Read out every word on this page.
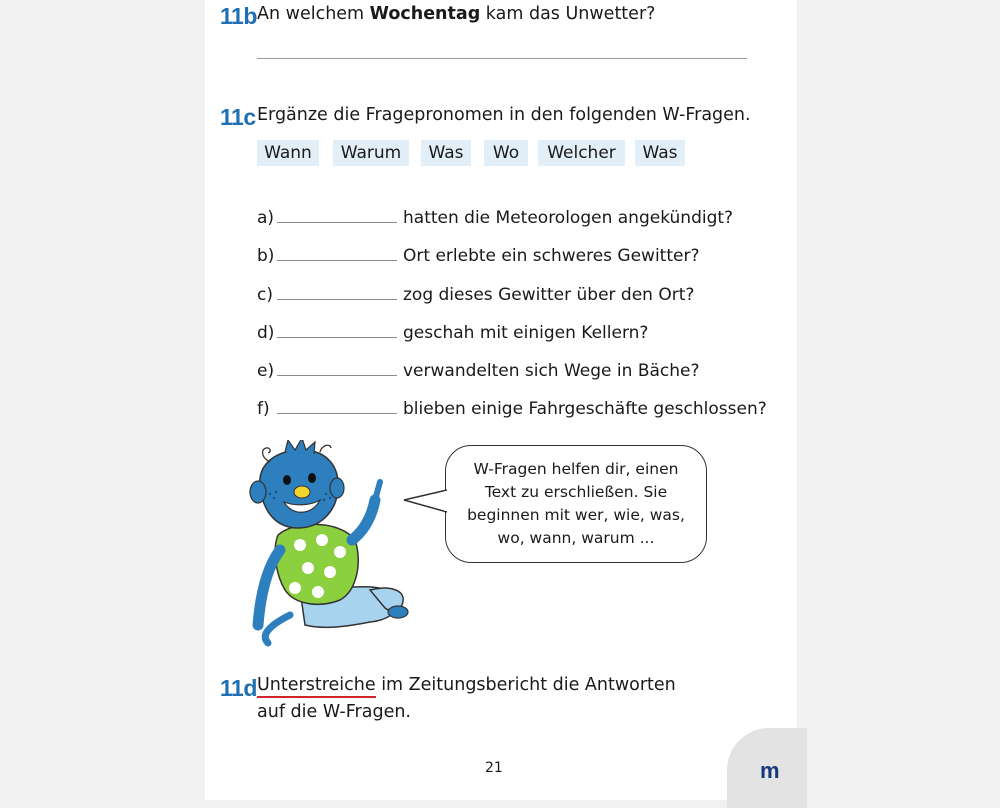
11b An welchem Wochentag kam das Unwetter?
11c Ergänze die Fragepronomen in den folgenden W-Fragen.
Wann	Warum	Was	Wo	Welcher	Was
a)	hatten die Meteorologen angekündigt?
b)	Ort erlebte ein schweres Gewitter?
c)	zog dieses Gewitter über den Ort?
d)	geschah mit einigen Kellern?
e)	verwandelten sich Wege in Bäche?
f)	blieben einige Fahrgeschäfte geschlossen?
W-Fragen helfen dir, einen
Text zu erschließen. Sie
beginnen mit wer, wie, was,
wo, wann, warum ...
11d Unterstreiche im Zeitungsbericht die Antworten
auf die W-Fragen.
21	m
